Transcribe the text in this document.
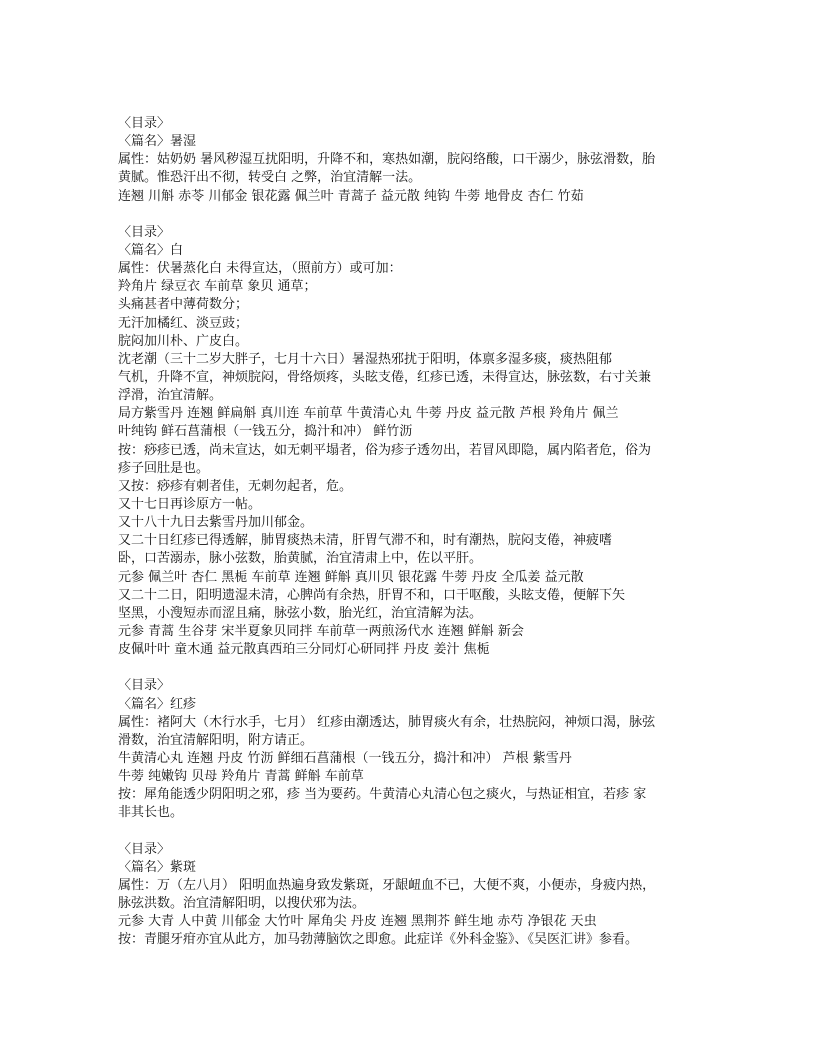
〈目录〉
〈篇名〉暑湿
属性：姑奶奶 暑风秽湿互扰阳明，升降不和，寒热如潮，脘闷络酸，口干溺少，脉弦滑数，胎
黄腻。惟恐汗出不彻，转受白 之弊，治宜清解一法。
连翘 川斛 赤苓 川郁金 银花露 佩兰叶 青蒿子 益元散 纯钩 牛蒡 地骨皮 杏仁 竹茹
〈目录〉
〈篇名〉白
属性：伏暑蒸化白 未得宣达，（照前方）或可加：
羚角片 绿豆衣 车前草 象贝 通草；
头痛甚者中薄荷数分；
无汗加橘红、淡豆豉；
脘闷加川朴、广皮白。
沈老潮（三十二岁大胖子，七月十六日）暑湿热邪扰于阳明，体禀多湿多痰，痰热阻郁
气机，升降不宣，神烦脘闷，骨络烦疼，头眩支倦，红疹已透，未得宣达，脉弦数，右寸关兼
浮滑，治宜清解。
局方紫雪丹 连翘 鲜扁斛 真川连 车前草 牛黄清心丸 牛蒡 丹皮 益元散 芦根 羚角片 佩兰
叶纯钩 鲜石菖蒲根（一钱五分，捣汁和冲） 鲜竹沥
按：痧疹已透，尚未宣达，如无刺平塌者，俗为疹子透勿出，若冒风即隐，属内陷者危，俗为
疹子回肚是也。
又按：痧疹有刺者佳，无刺勿起者，危。
又十七日再诊原方一帖。
又十八十九日去紫雪丹加川郁金。
又二十日红疹已得透解，肺胃痰热未清，肝胃气滞不和，时有潮热，脘闷支倦，神疲嗜
卧，口苦溺赤，脉小弦数，胎黄腻，治宜清肃上中，佐以平肝。
元参 佩兰叶 杏仁 黑栀 车前草 连翘 鲜斛 真川贝 银花露 牛蒡 丹皮 全瓜姜 益元散
又二十二日，阳明遗湿未清，心脾尚有余热，肝胃不和，口干呕酸，头眩支倦，便解下矢
坚黑，小溲短赤而涩且痛，脉弦小数，胎光红，治宜清解为法。
元参 青蒿 生谷芽 宋半夏象贝同拌 车前草一两煎汤代水 连翘 鲜斛 新会
皮佩叶叶 童木通 益元散真西珀三分同灯心研同拌 丹皮 姜汁 焦栀
〈目录〉
〈篇名〉红疹
属性：褚阿大（木行水手，七月） 红疹由潮透达，肺胃痰火有余，壮热脘闷，神烦口渴，脉弦
滑数，治宜清解阳明，附方请正。
牛黄清心丸 连翘 丹皮 竹沥 鲜细石菖蒲根（一钱五分，捣汁和冲） 芦根 紫雪丹
牛蒡 纯嫩钩 贝母 羚角片 青蒿 鲜斛 车前草
按：犀角能透少阴阳明之邪，疹 当为要药。牛黄清心丸清心包之痰火，与热证相宜，若疹 家
非其长也。
〈目录〉
〈篇名〉紫斑
属性：万（左八月） 阳明血热遍身致发紫斑，牙龈衄血不已，大便不爽，小便赤，身疲内热，
脉弦洪数。治宜清解阳明，以搜伏邪为法。
元参 大青 人中黄 川郁金 大竹叶 犀角尖 丹皮 连翘 黑荆芥 鲜生地 赤芍 净银花 天虫
按：青腿牙疳亦宜从此方，加马勃薄脑饮之即愈。此症详《外科金鉴》、《吴医汇讲》参看。
